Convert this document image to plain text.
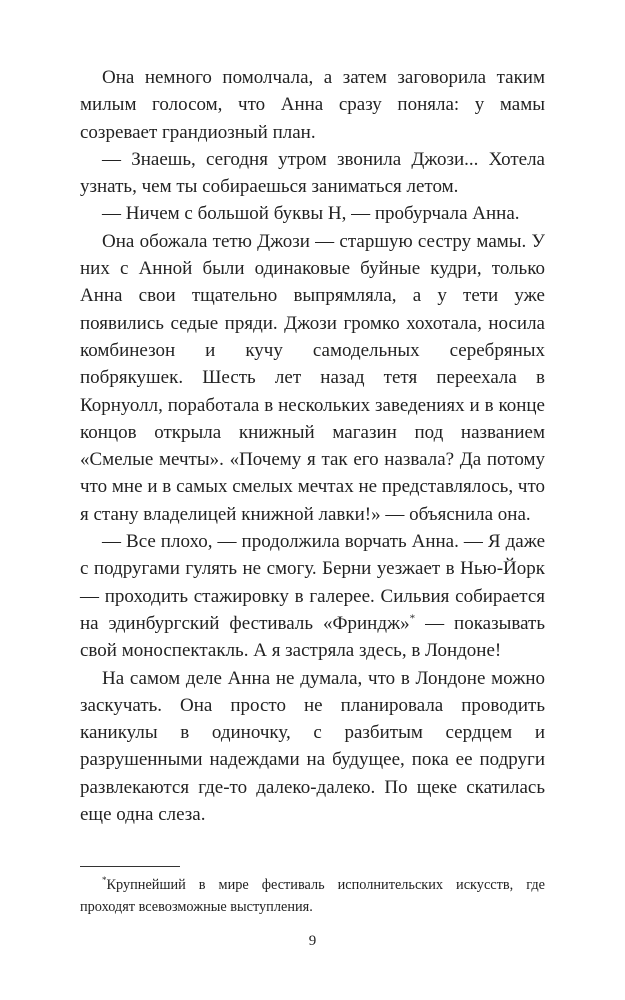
Она немного помолчала, а затем заговорила таким милым голосом, что Анна сразу поняла: у мамы созревает грандиозный план.

— Знаешь, сегодня утром звонила Джози... Хотела узнать, чем ты собираешься заниматься летом.

— Ничем с большой буквы Н, — пробурчала Анна.

Она обожала тетю Джози — старшую сестру мамы. У них с Анной были одинаковые буйные кудри, только Анна свои тщательно выпрямляла, а у тети уже появились седые пряди. Джози громко хохотала, носила комбинезон и кучу самодельных серебряных побрякушек. Шесть лет назад тетя переехала в Корнуолл, поработала в нескольких заведениях и в конце концов открыла книжный магазин под названием «Смелые мечты». «Почему я так его назвала? Да потому что мне и в самых смелых мечтах не представлялось, что я стану владелицей книжной лавки!» — объяснила она.

— Все плохо, — продолжила ворчать Анна. — Я даже с подругами гулять не смогу. Берни уезжает в Нью-Йорк — проходить стажировку в галерее. Сильвия собирается на эдинбургский фестиваль «Фриндж»* — показывать свой моноспектакль. А я застряла здесь, в Лондоне!

На самом деле Анна не думала, что в Лондоне можно заскучать. Она просто не планировала проводить каникулы в одиночку, с разбитым сердцем и разрушенными надеждами на будущее, пока ее подруги развлекаются где-то далеко-далеко. По щеке скатилась еще одна слеза.

*Крупнейший в мире фестиваль исполнительских искусств, где проходят всевозможные выступления.
9
